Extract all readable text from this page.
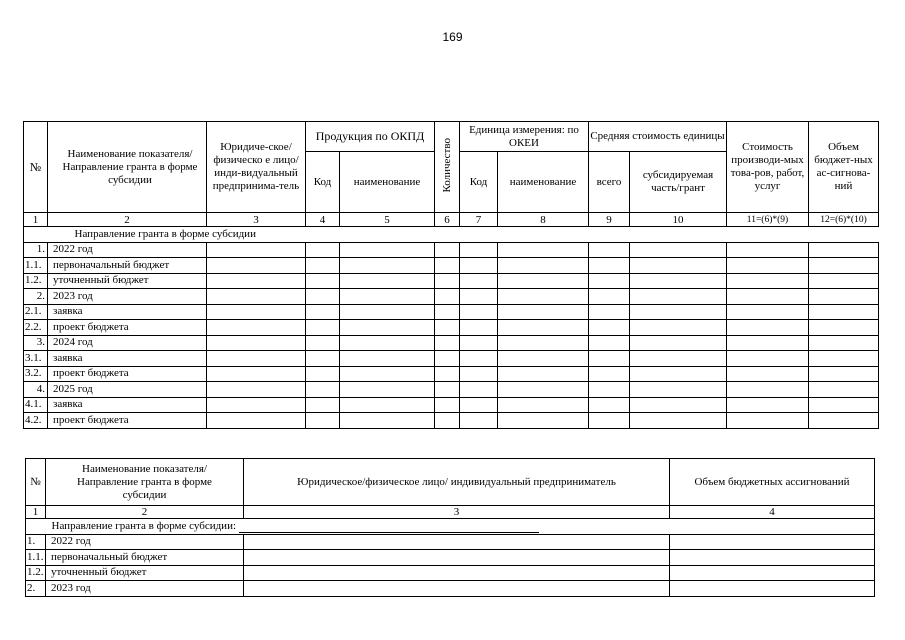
169
№	Наименование показателя/ Направление гранта в форме субсидии	Юридиче-ское/физическо е лицо/ инди-видуальный предпринима-тель	Продукция по ОКПД		Количество	Единица измерения: по ОКЕИ		Средняя стоимость единицы		Стоимость производи-мых това-ров, работ, услуг	Объем бюджет-ных ас-сигнова-ний
			Код	наименование		Код	наименование	всего	субсидируемая часть/грант		
1	2	3	4	5	6	7	8	9	10	11=(6)*(9)	12=(6)*(10)
	Направление гранта в форме субсидии										
1.	2022 год										
1.1.	первоначальный бюджет										
1.2.	уточненный бюджет										
2.	2023 год										
2.1.	заявка										
2.2.	проект бюджета										
3.	2024 год										
3.1.	заявка										
3.2.	проект бюджета										
4.	2025 год										
4.1.	заявка										
4.2.	проект бюджета										
№	Наименование показателя/ Направление гранта в форме субсидии	Юридическое/физическое лицо/ индивидуальный предприниматель	Объем бюджетных ассигнований
1	2	3	4
	Направление гранта в форме субсидии:		
1.	2022 год		
1.1.	первоначальный бюджет		
1.2.	уточненный бюджет		
2.	2023 год		
